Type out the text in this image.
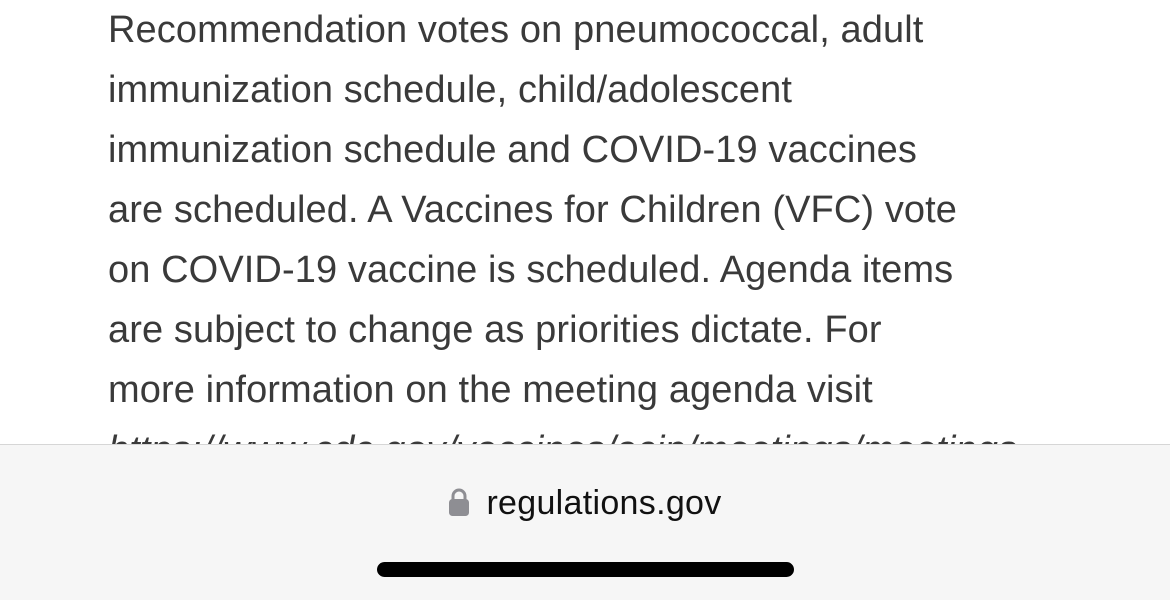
Recommendation votes on pneumococcal, adult
immunization schedule, child/adolescent
immunization schedule and COVID-19 vaccines
are scheduled. A Vaccines for Children (VFC) vote
on COVID-19 vaccine is scheduled. Agenda items
are subject to change as priorities dictate. For
more information on the meeting agenda visit
regulations.gov
